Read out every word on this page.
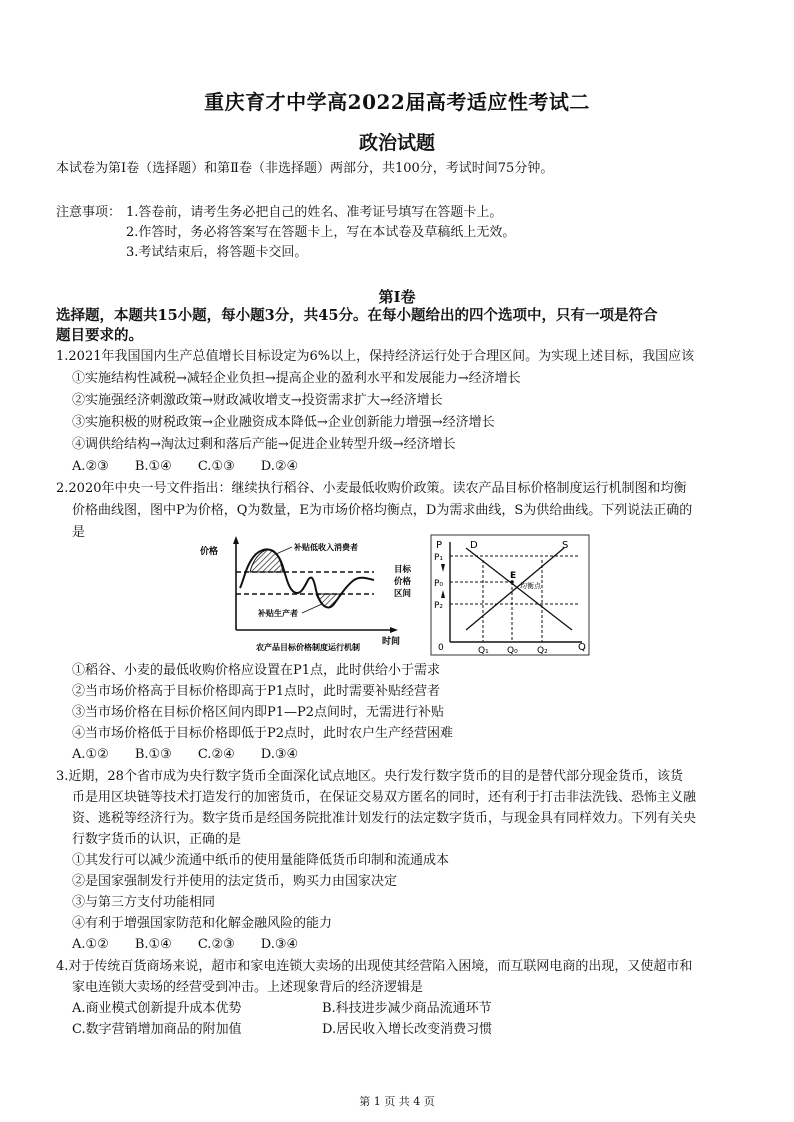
重庆育才中学高2022届高考适应性考试二
政治试题
本试卷为第Ⅰ卷（选择题）和第Ⅱ卷（非选择题）两部分，共100分，考试时间75分钟。
注意事项： 1.答卷前，请考生务必把自己的姓名、准考证号填写在答题卡上。
2.作答时，务必将答案写在答题卡上，写在本试卷及草稿纸上无效。
3.考试结束后，将答题卡交回。
第Ⅰ卷
选择题，本题共15小题，每小题3分，共45分。在每小题给出的四个选项中，只有一项是符合
题目要求的。
1.2021年我国国内生产总值增长目标设定为6%以上，保持经济运行处于合理区间。为实现上述目标，我国应该
①实施结构性减税→减轻企业负担→提高企业的盈利水平和发展能力→经济增长
②实施强经济刺激政策→财政减收增支→投资需求扩大→经济增长
③实施积极的财税政策→企业融资成本降低→企业创新能力增强→经济增长
④调供给结构→淘汰过剩和落后产能→促进企业转型升级→经济增长
A.②③　　B.①④　　C.①③　　D.②④
2.2020年中央一号文件指出：继续执行稻谷、小麦最低收购价政策。读农产品目标价格制度运行机制图和均衡
价格曲线图，图中P为价格，Q为数量，E为市场价格均衡点，D为需求曲线，S为供给曲线。下列说法正确的
是
价格
时间
补贴低收入消费者
补贴生产者
目标
价格
区间
农产品目标价格制度运行机制
P
Q
0
D	S
P₁
P₀
P₂
Q₁ Q₀ Q₂
E
均衡点
①稻谷、小麦的最低收购价格应设置在P1点，此时供给小于需求
②当市场价格高于目标价格即高于P1点时，此时需要补贴经营者
③当市场价格在目标价格区间内即P1—P2点间时，无需进行补贴
④当市场价格低于目标价格即低于P2点时，此时农户生产经营困难
A.①②　　B.①③　　C.②④　　D.③④
3.近期，28个省市成为央行数字货币全面深化试点地区。央行发行数字货币的目的是替代部分现金货币，该货
币是用区块链等技术打造发行的加密货币，在保证交易双方匿名的同时，还有利于打击非法洗钱、恐怖主义融
资、逃税等经济行为。数字货币是经国务院批准计划发行的法定数字货币，与现金具有同样效力。下列有关央
行数字货币的认识，正确的是
①其发行可以减少流通中纸币的使用量能降低货币印制和流通成本
②是国家强制发行并使用的法定货币，购买力由国家决定
③与第三方支付功能相同
④有利于增强国家防范和化解金融风险的能力
A.①②　　B.①④　　C.②③　　D.③④
4.对于传统百货商场来说，超市和家电连锁大卖场的出现使其经营陷入困境，而互联网电商的出现，又使超市和
家电连锁大卖场的经营受到冲击。上述现象背后的经济逻辑是
A.商业模式创新提升成本优势	B.科技进步减少商品流通环节
C.数字营销增加商品的附加值	D.居民收入增长改变消费习惯
第 1 页 共 4 页
